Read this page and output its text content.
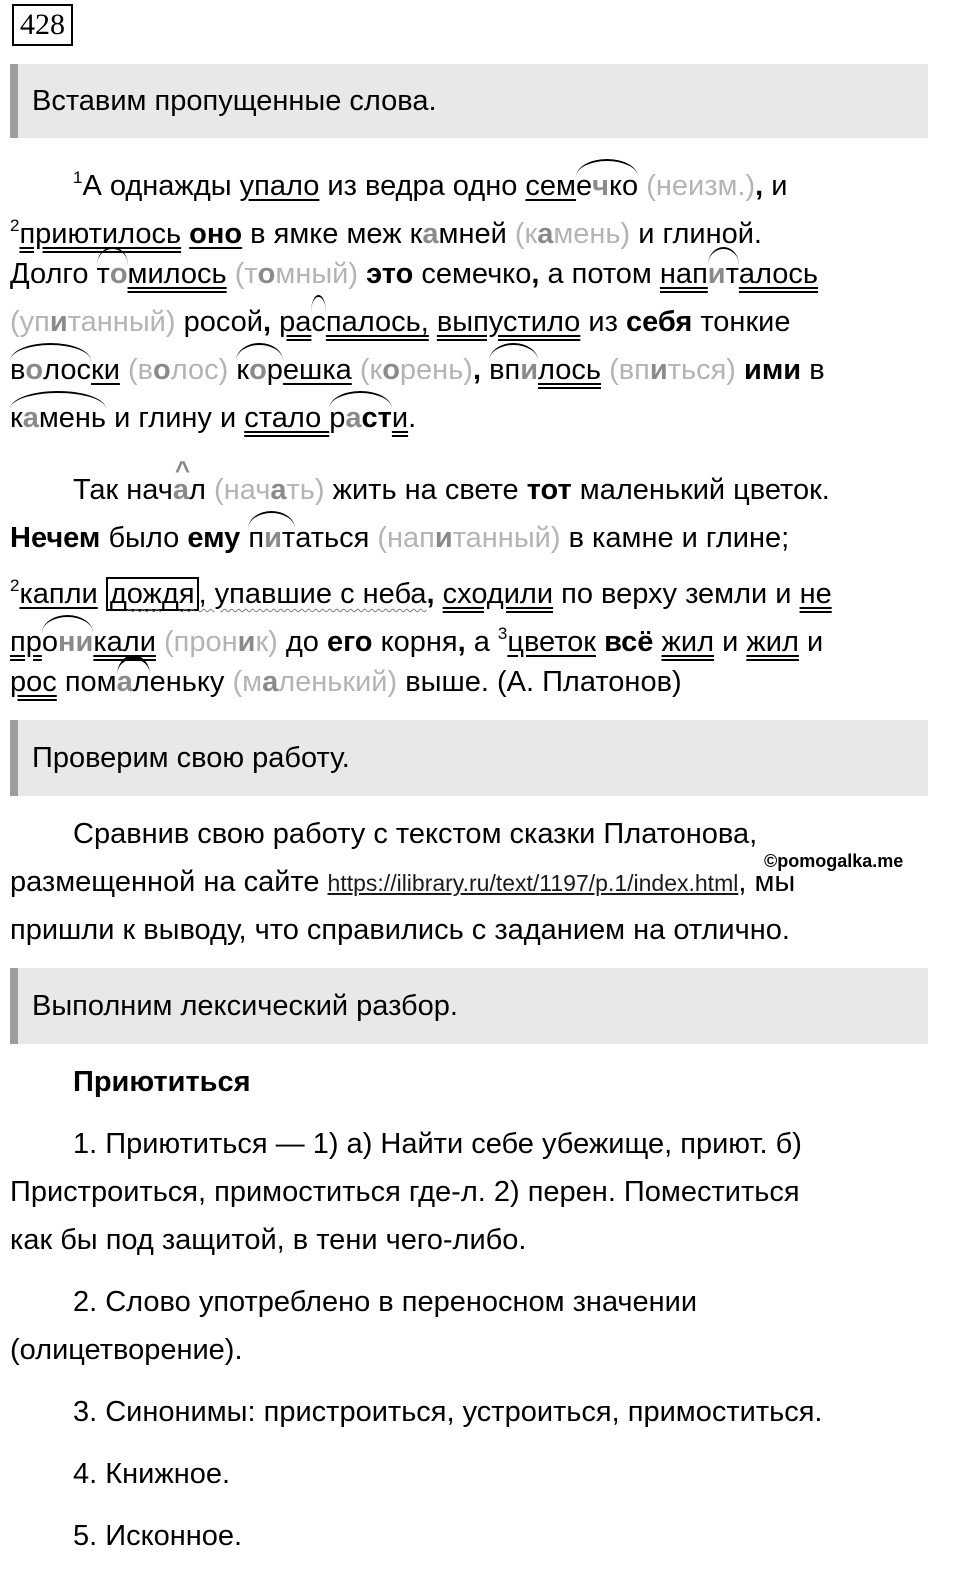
428
Вставим пропущенные слова.
$^1$А однажды упало из ведра одно семечко (неизм.), и
$^2$приютилось оно в ямке меж камней (камень) и глиной.
Долго томилось (томный) это семечко, а потом напиталось
(упитанный) росой, распалось, выпустило из себя тонкие
волоски (волос) корешка (корень), впилось (впиться) ими в
камень и глину и стало расти.
Так нач^ ал (начать) жить на свете тот маленький цветок.
Нечем было ему питаться (напитанный) в камне и глине;
$^2$капли дождя , упавшие с неба, сходили по верху земли и не
проникали (проник) до его корня, а $^3$цветок всё жил и жил и
рос помаленьку (маленький) выше. (А. Платонов)
Проверим свою работу.
Сравнив свою работу с текстом сказки Платонова,
размещенной на сайте https://ilibrary.ru/text/1197/p.1/index.html, мы
пришли к выводу, что справились с заданием на отлично.
©pomogalka.me
Выполним лексический разбор.
Приютиться
1. Приютиться — 1) а) Найти себе убежище, приют. б)
Пристроиться, примоститься где-л. 2) перен. Поместиться
как бы под защитой, в тени чего-либо.
2. Слово употреблено в переносном значении
(олицетворение).
3. Синонимы: пристроиться, устроиться, примоститься.
4. Книжное.
5. Исконное.
